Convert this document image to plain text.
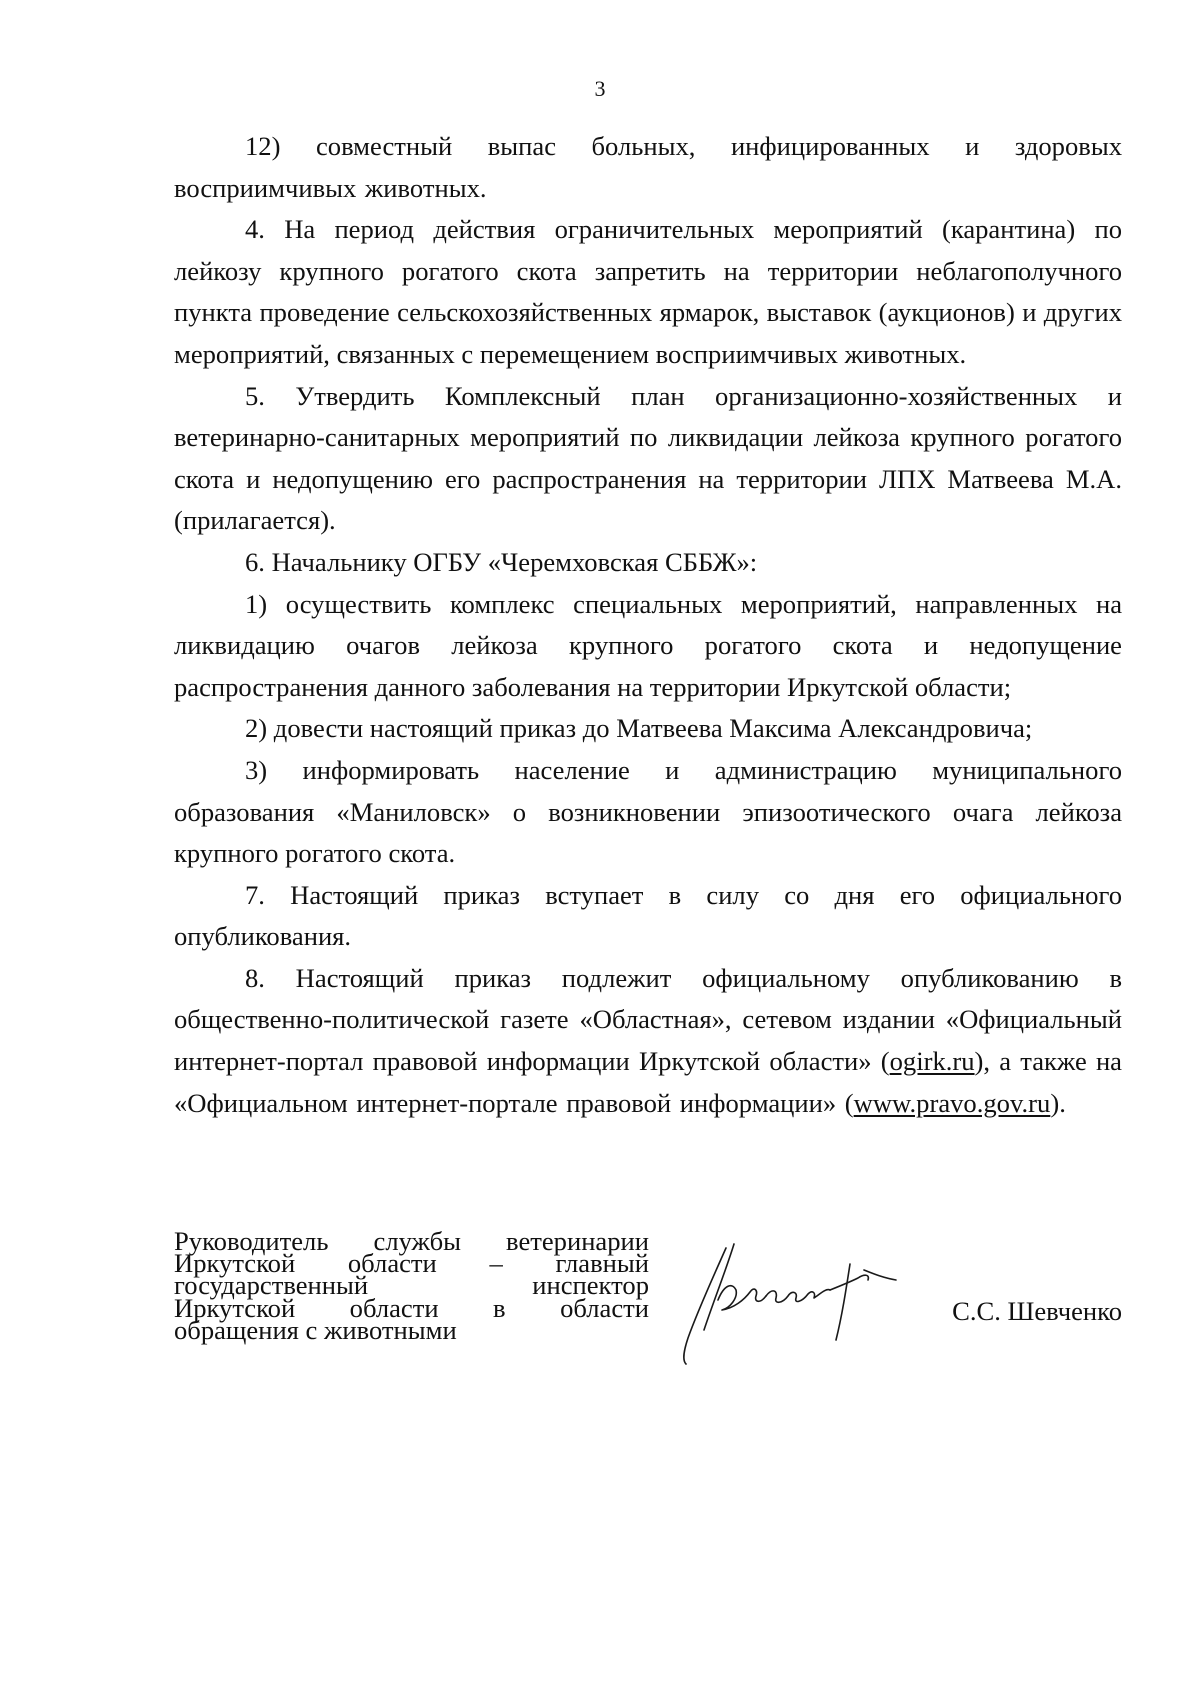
3

12) совместный выпас больных, инфицированных и здоровых восприимчивых животных.

4. На период действия ограничительных мероприятий (карантина) по лейкозу крупного рогатого скота запретить на территории неблагополучного пункта проведение сельскохозяйственных ярмарок, выставок (аукционов) и других мероприятий, связанных с перемещением восприимчивых животных.

5. Утвердить Комплексный план организационно-хозяйственных и ветеринарно-санитарных мероприятий по ликвидации лейкоза крупного рогатого скота и недопущению его распространения на территории ЛПХ Матвеева М.А. (прилагается).

6. Начальнику ОГБУ «Черемховская СББЖ»:

1) осуществить комплекс специальных мероприятий, направленных на ликвидацию очагов лейкоза крупного рогатого скота и недопущение распространения данного заболевания на территории Иркутской области;

2) довести настоящий приказ до Матвеева Максима Александровича;

3) информировать население и администрацию муниципального образования «Маниловск» о возникновении эпизоотического очага лейкоза крупного рогатого скота.

7. Настоящий приказ вступает в силу со дня его официального опубликования.

8. Настоящий приказ подлежит официальному опубликованию в общественно-политической газете «Областная», сетевом издании «Официальный интернет-портал правовой информации Иркутской области» (ogirk.ru), а также на «Официальном интернет-портале правовой информации» (www.pravo.gov.ru).

Руководитель службы ветеринарии
Иркутской области – главный
государственный инспектор
Иркутской области в области
обращения с животными
С.С. Шевченко
